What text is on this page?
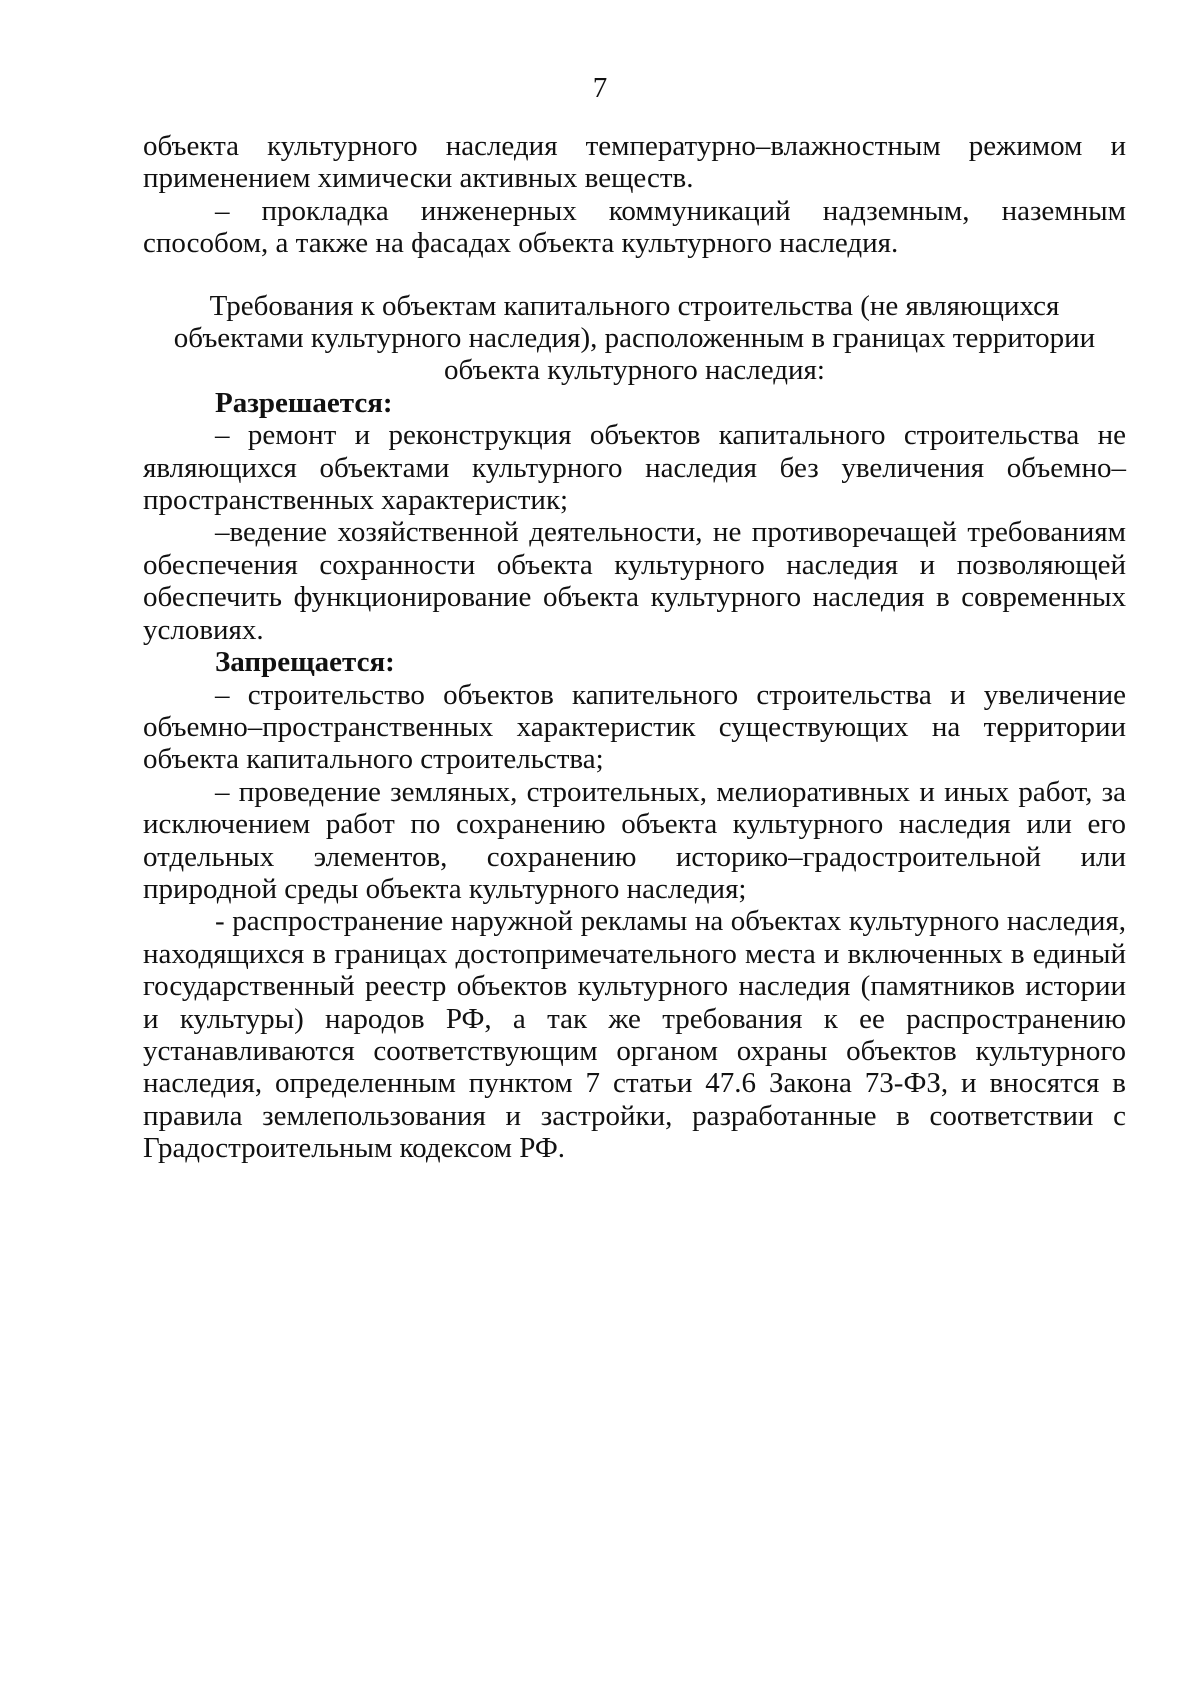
7

объекта культурного наследия температурно–влажностным режимом и применением химически активных веществ.

– прокладка инженерных коммуникаций надземным, наземным способом, а также на фасадах объекта культурного наследия.

Требования к объектам капитального строительства (не являющихся объектами культурного наследия), расположенным в границах территории объекта культурного наследия:

Разрешается:

– ремонт и реконструкция объектов капитального строительства не являющихся объектами культурного наследия без увеличения объемно–пространственных характеристик;

–ведение хозяйственной деятельности, не противоречащей требованиям обеспечения сохранности объекта культурного наследия и позволяющей обеспечить функционирование объекта культурного наследия в современных условиях.

Запрещается:

– строительство объектов капительного строительства и увеличение объемно–пространственных характеристик существующих на территории объекта капитального строительства;

– проведение земляных, строительных, мелиоративных и иных работ, за исключением работ по сохранению объекта культурного наследия или его отдельных элементов, сохранению историко–градостроительной или природной среды объекта культурного наследия;

- распространение наружной рекламы на объектах культурного наследия, находящихся в границах достопримечательного места и включенных в единый государственный реестр объектов культурного наследия (памятников истории и культуры) народов РФ, а так же требования к ее распространению устанавливаются соответствующим органом охраны объектов культурного наследия, определенным пунктом 7 статьи 47.6 Закона 73-ФЗ, и вносятся в правила землепользования и застройки, разработанные в соответствии с Градостроительным кодексом РФ.
